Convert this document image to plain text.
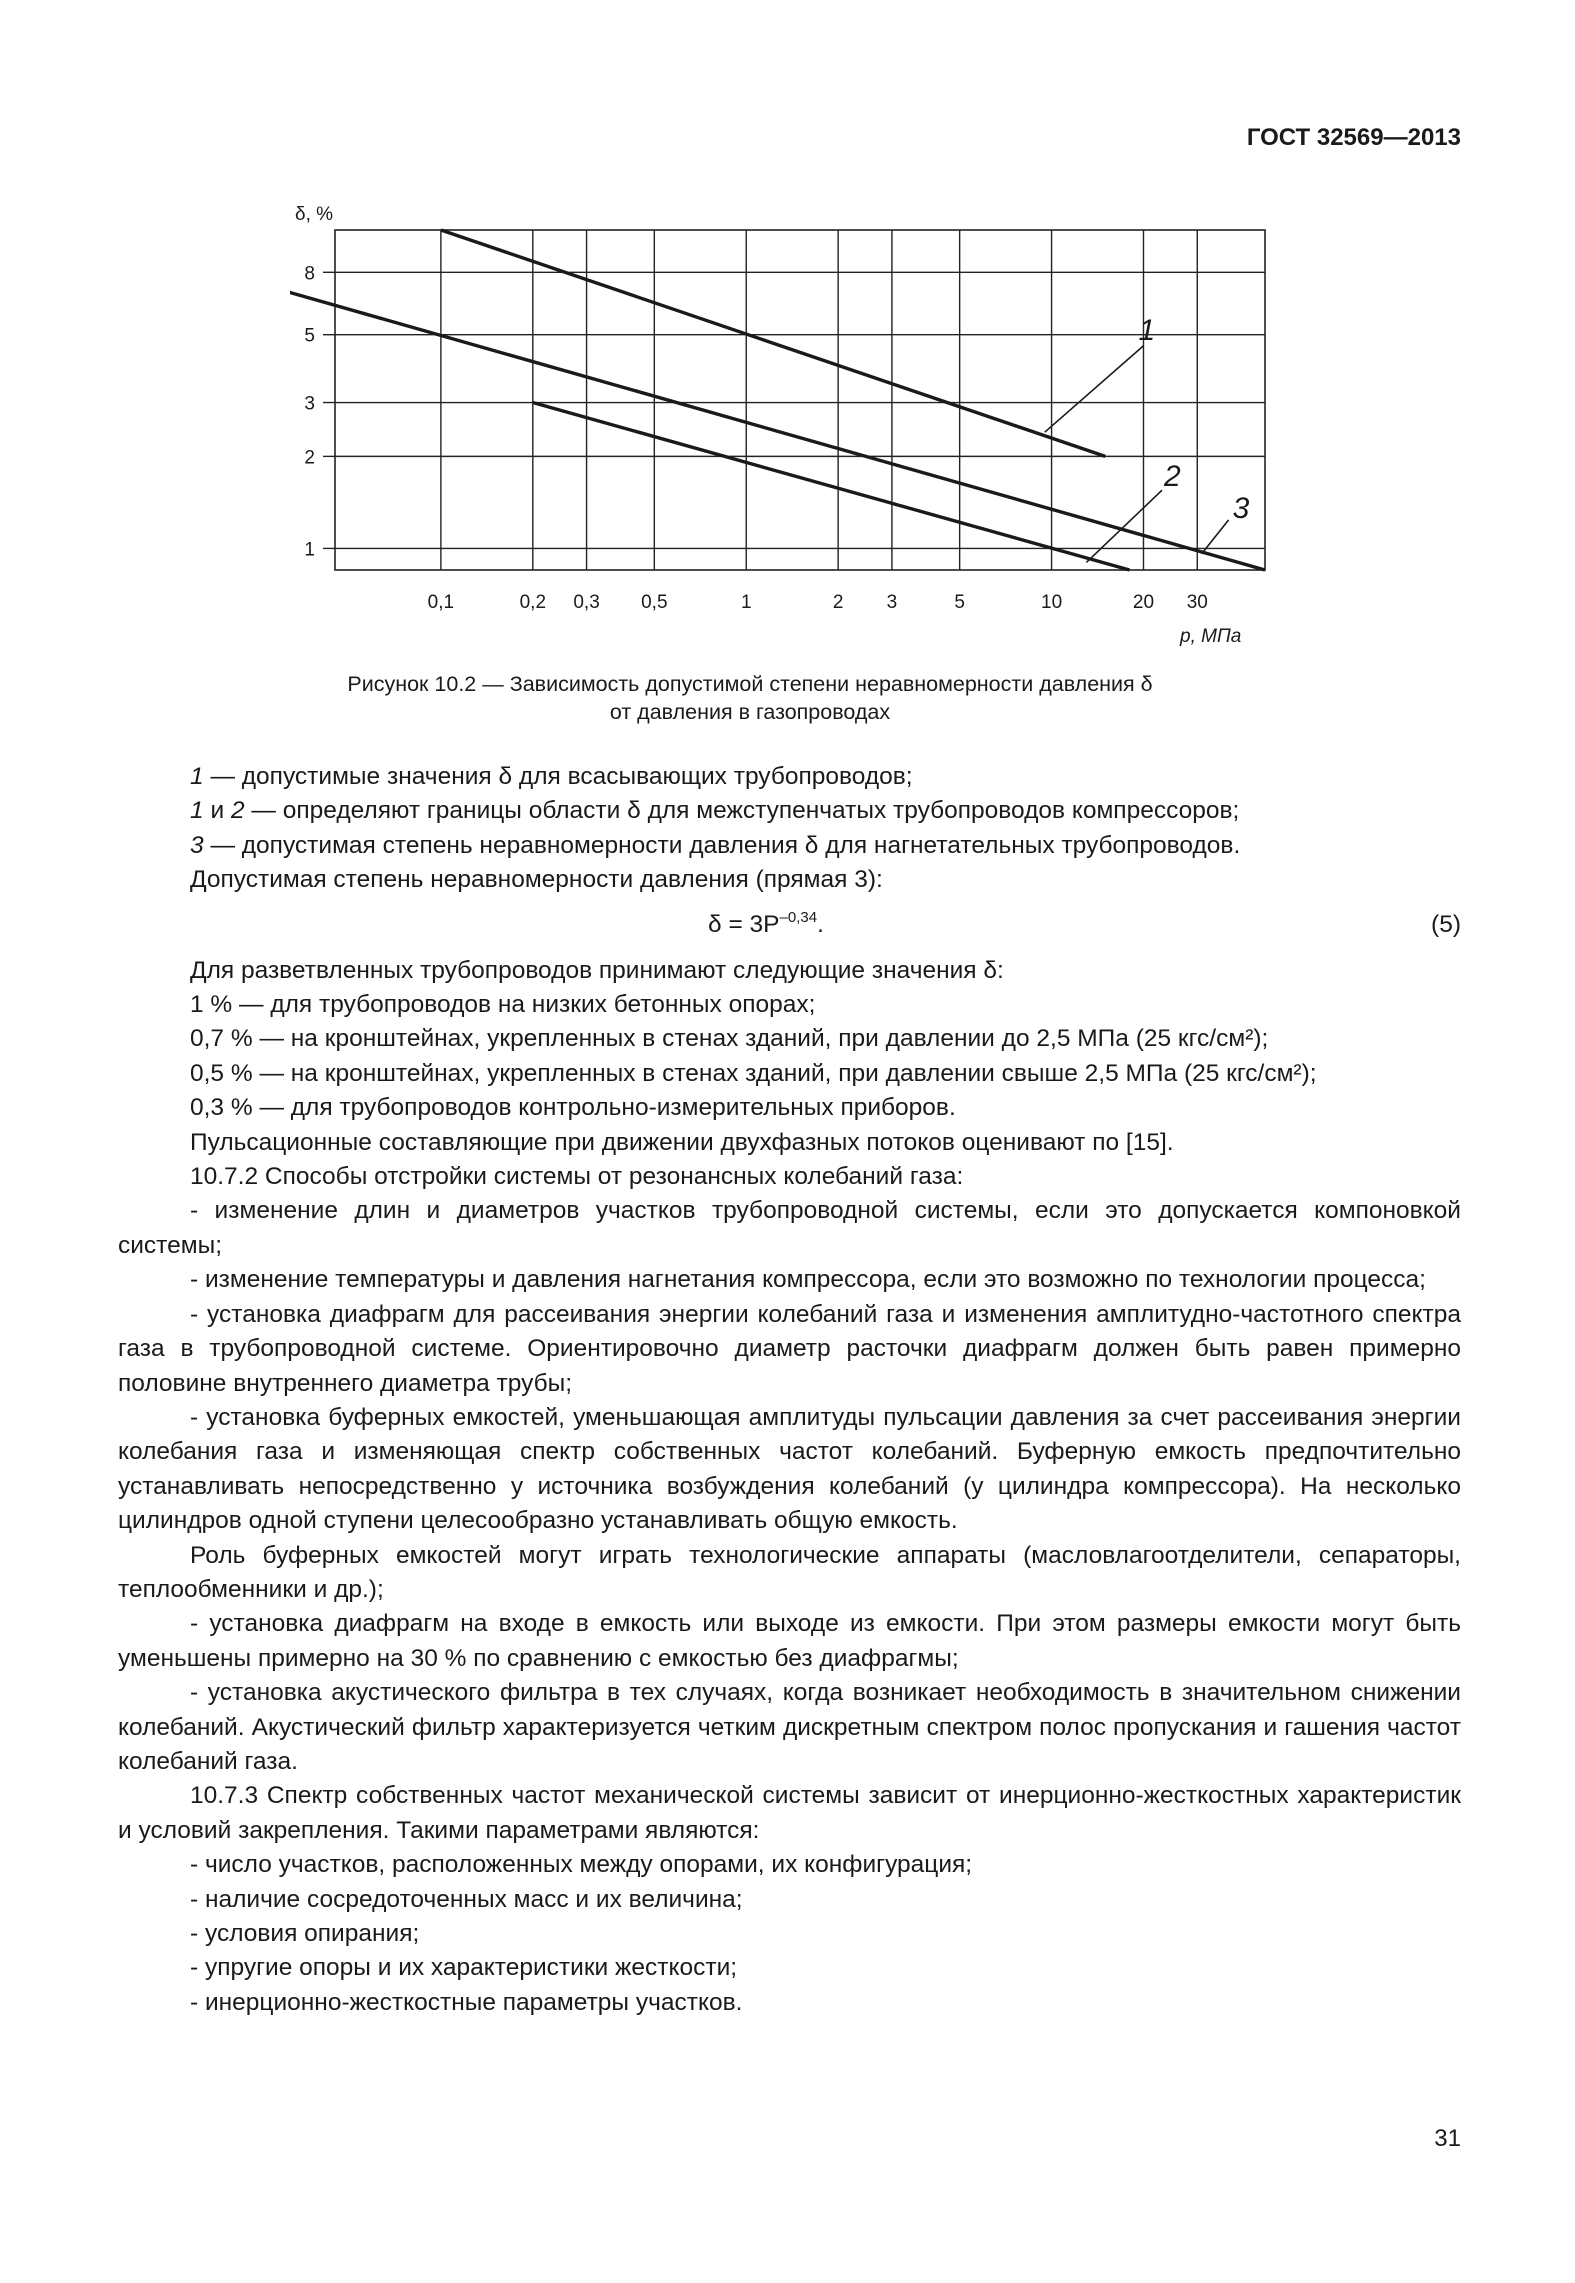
ГОСТ 32569—2013
0,1	0,2 0,3 0,5	1	2 3	5	10	20 30
1
2
3
5
8
δ, %
p, МПа
1
2
3
Рисунок 10.2 — Зависимость допустимой степени неравномерности давления δ
от давления в газопроводах
1 — допустимые значения δ для всасывающих трубопроводов;
1 и 2 — определяют границы области δ для межступенчатых трубопроводов компрессоров;
3 — допустимая степень неравномерности давления δ для нагнетательных трубопроводов.
Допустимая степень неравномерности давления (прямая 3):
$\delta = 3P^{-0,34}$.	(5)
Для разветвленных трубопроводов принимают следующие значения δ:
1 % — для трубопроводов на низких бетонных опорах;
0,7 % — на кронштейнах, укрепленных в стенах зданий, при давлении до 2,5 МПа (25 кгс/см²);
0,5 % — на кронштейнах, укрепленных в стенах зданий, при давлении свыше 2,5 МПа (25 кгс/см²);
0,3 % — для трубопроводов контрольно-измерительных приборов.
Пульсационные составляющие при движении двухфазных потоков оценивают по [15].
10.7.2 Способы отстройки системы от резонансных колебаний газа:
- изменение длин и диаметров участков трубопроводной системы, если это допускается компоновкой системы;
- изменение температуры и давления нагнетания компрессора, если это возможно по технологии процесса;
- установка диафрагм для рассеивания энергии колебаний газа и изменения амплитудно-частотного спектра газа в трубопроводной системе. Ориентировочно диаметр расточки диафрагм должен быть равен примерно половине внутреннего диаметра трубы;
- установка буферных емкостей, уменьшающая амплитуды пульсации давления за счет рассеивания энергии колебания газа и изменяющая спектр собственных частот колебаний. Буферную емкость предпочтительно устанавливать непосредственно у источника возбуждения колебаний (у цилиндра компрессора). На несколько цилиндров одной ступени целесообразно устанавливать общую емкость.
Роль буферных емкостей могут играть технологические аппараты (масловлагоотделители, сепараторы, теплообменники и др.);
- установка диафрагм на входе в емкость или выходе из емкости. При этом размеры емкости могут быть уменьшены примерно на 30 % по сравнению с емкостью без диафрагмы;
- установка акустического фильтра в тех случаях, когда возникает необходимость в значительном снижении колебаний. Акустический фильтр характеризуется четким дискретным спектром полос пропускания и гашения частот колебаний газа.
10.7.3 Спектр собственных частот механической системы зависит от инерционно-жесткостных характеристик и условий закрепления. Такими параметрами являются:
- число участков, расположенных между опорами, их конфигурация;
- наличие сосредоточенных масс и их величина;
- условия опирания;
- упругие опоры и их характеристики жесткости;
- инерционно-жесткостные параметры участков.
31
